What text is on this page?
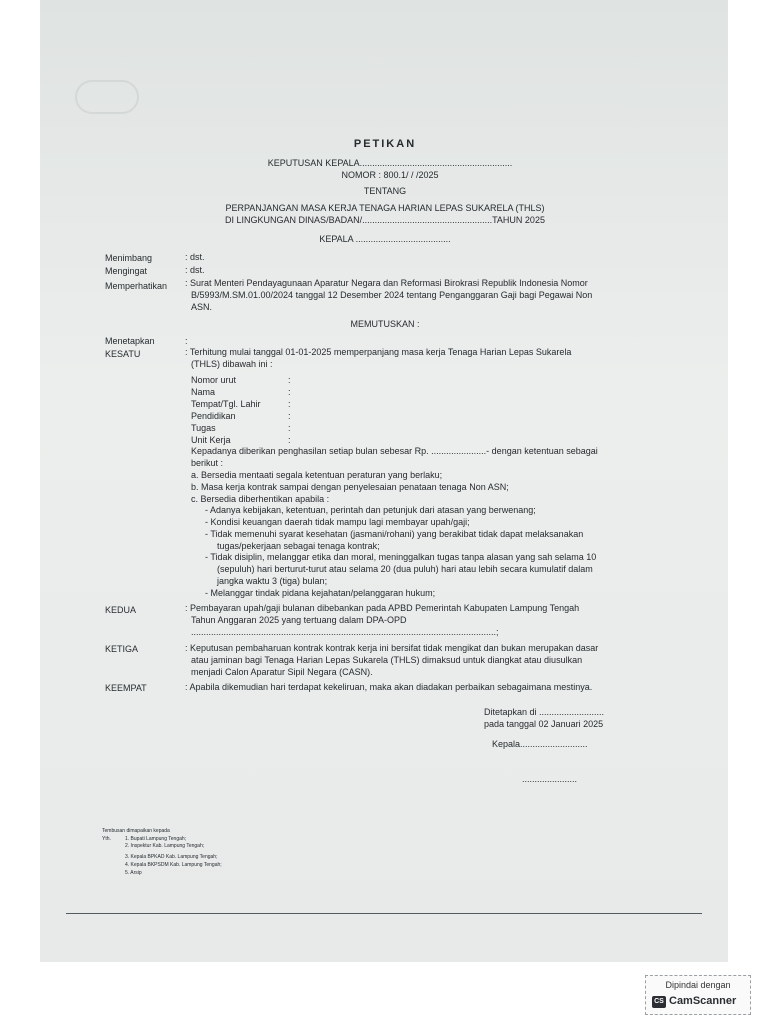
PETIKAN
KEPUTUSAN KEPALA.............................................................
NOMOR : 800.1/ / /2025
TENTANG
PERPANJANGAN MASA KERJA TENAGA HARIAN LEPAS SUKARELA (THLS)
DI LINGKUNGAN DINAS/BADAN/....................................................TAHUN 2025
KEPALA ......................................
Menimbang	: dst.
Mengingat	: dst.
Memperhatikan : Surat Menteri Pendayagunaan Aparatur Negara dan Reformasi Birokrasi Republik Indonesia Nomor
B/5993/M.SM.01.00/2024 tanggal 12 Desember 2024 tentang Penganggaran Gaji bagi Pegawai Non
ASN.
MEMUTUSKAN :
Menetapkan	:
KESATU	: Terhitung mulai tanggal 01-01-2025 memperpanjang masa kerja Tenaga Harian Lepas Sukarela
(THLS) dibawah ini :
Nomor urut	:
Nama	:
Tempat/Tgl. Lahir	:
Pendidikan	:
Tugas	:
Unit Kerja	:
Kepadanya diberikan penghasilan setiap bulan sebesar Rp. ......................- dengan ketentuan sebagai
berikut :
a. Bersedia mentaati segala ketentuan peraturan yang berlaku;
b. Masa kerja kontrak sampai dengan penyelesaian penataan tenaga Non ASN;
c. Bersedia diberhentikan apabila :
- Adanya kebijakan, ketentuan, perintah dan petunjuk dari atasan yang berwenang;
- Kondisi keuangan daerah tidak mampu lagi membayar upah/gaji;
- Tidak memenuhi syarat kesehatan (jasmani/rohani) yang berakibat tidak dapat melaksanakan
tugas/pekerjaan sebagai tenaga kontrak;
- Tidak disiplin, melanggar etika dan moral, meninggalkan tugas tanpa alasan yang sah selama 10
(sepuluh) hari berturut-turut atau selama 20 (dua puluh) hari atau lebih secara kumulatif dalam
jangka waktu 3 (tiga) bulan;
- Melanggar tindak pidana kejahatan/pelanggaran hukum;
KEDUA	: Pembayaran upah/gaji bulanan dibebankan pada APBD Pemerintah Kabupaten Lampung Tengah
Tahun Anggaran 2025 yang tertuang dalam DPA-OPD
..........................................................................................................................;
KETIGA	: Keputusan pembaharuan kontrak kontrak kerja ini bersifat tidak mengikat dan bukan merupakan dasar
atau jaminan bagi Tenaga Harian Lepas Sukarela (THLS) dimaksud untuk diangkat atau diusulkan
menjadi Calon Aparatur Sipil Negara (CASN).
KEEMPAT	: Apabila dikemudian hari terdapat kekeliruan, maka akan diadakan perbaikan sebagaimana mestinya.
Ditetapkan di ..........................
pada tanggal 02 Januari 2025
Kepala...........................
......................
Tembusan dimapaikan kepada
Yth.	1. Bupati Lampung Tengah;
2. Inspektur Kab. Lampung Tengah;
3. Kepala BPKAD Kab. Lampung Tengah;
4. Kepala BKPSDM Kab. Lampung Tengah;
5. Arsip
Dipindai dengan
CS CamScanner
